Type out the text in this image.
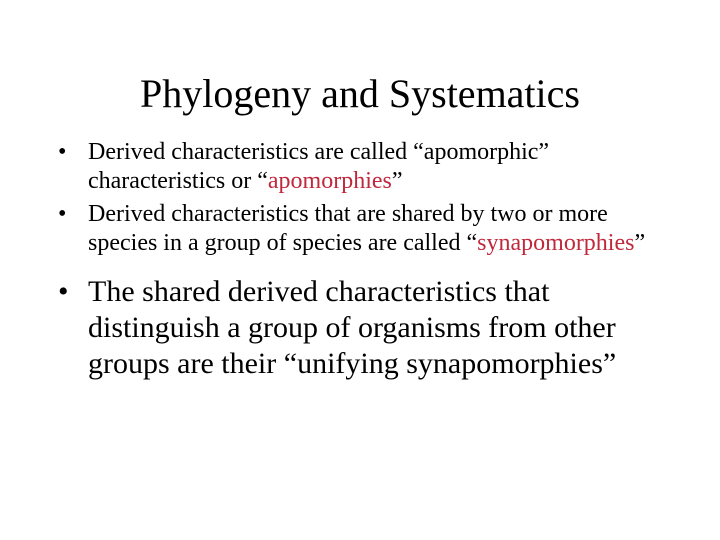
Phylogeny and Systematics
• Derived characteristics are called “apomorphic” characteristics or “apomorphies”
• Derived characteristics that are shared by two or more species in a group of species are called “synapomorphies”
• The shared derived characteristics that distinguish a group of organisms from other groups are their “unifying synapomorphies”
